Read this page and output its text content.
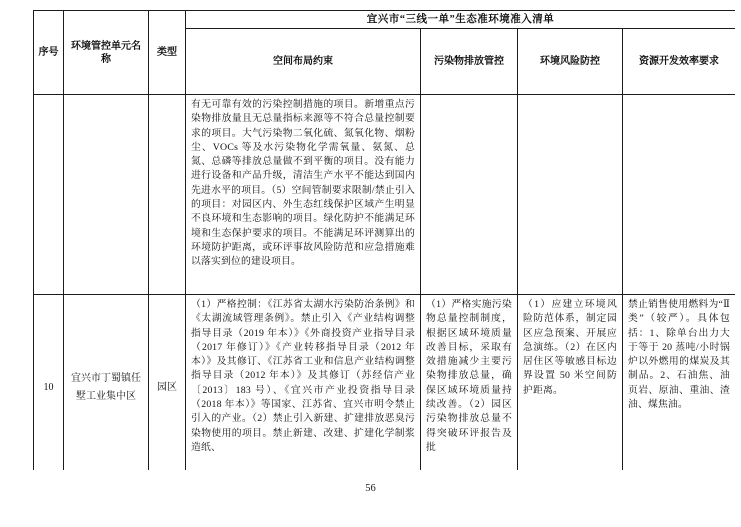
序号	环境管控单元名称	类型	宜兴市“三线一单”生态准环境准入清单			
			空间布局约束	污染物排放管控	环境风险防控	资源开发效率要求
			有无可靠有效的污染控制措施的项目。新增重点污染物排放量且无总量指标来源等不符合总量控制要求的项目。大气污染物二氧化硫、氮氧化物、烟粉尘、VOCs 等及水污染物化学需氧量、氨氮、总氮、总磷等排放总量做不到平衡的项目。没有能力进行设备和产品升级，清洁生产水平不能达到国内先进水平的项目。（5）空间管制要求限制/禁止引入的项目：对园区内、外生态红线保护区域产生明显不良环境和生态影响的项目。绿化防护不能满足环境和生态保护要求的项目。不能满足环评测算出的环境防护距离，或环评事故风险防范和应急措施难以落实到位的建设项目。			
10	宜兴市丁蜀镇任墅工业集中区	园区	（1）严格控制：《江苏省太湖水污染防治条例》和《太湖流域管理条例》。禁止引入《产业结构调整指导目录（2019 年本）》《外商投资产业指导目录（2017 年修订）》《产业转移指导目录（2012 年本）》及其修订、《江苏省工业和信息产业结构调整指导目录（2012 年本）》及其修订（苏经信产业〔2013〕183 号）、《宜兴市产业投资指导目录（2018 年本）》等国家、江苏省、宜兴市明令禁止引入的产业。（2）禁止引入新建、扩建排放恶臭污染物使用的项目。禁止新建、改建、扩建化学制浆造纸、	（1）严格实施污染物总量控制制度，根据区域环境质量改善目标，采取有效措施减少主要污染物排放总量，确保区域环境质量持续改善。（2）园区污染物排放总量不得突破环评报告及批	（1）应建立环境风险防范体系，制定园区应急预案、开展应急演练。（2）在区内居住区等敏感目标边界设置 50 米空间防护距离。	禁止销售使用燃料为“Ⅱ类”（较严）。具体包括：1、除单台出力大于等于 20 蒸吨/小时锅炉以外燃用的煤炭及其制品。2、石油焦、油页岩、原油、重油、渣油、煤焦油。
56
